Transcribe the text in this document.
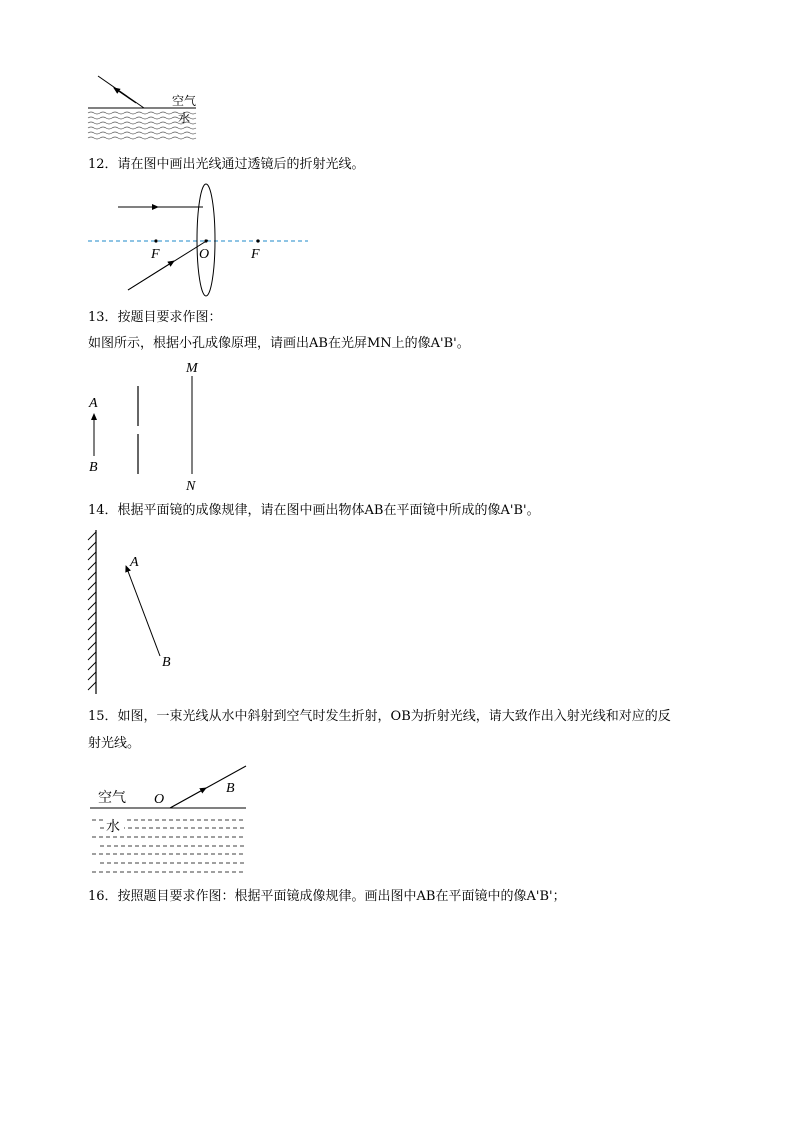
空气
水
12．请在图中画出光线通过透镜后的折射光线。
F	O	F
13．按题目要求作图：
如图所示，根据小孔成像原理，请画出AB在光屏MN上的像A'B'。
A
B
M
N
14．根据平面镜的成像规律，请在图中画出物体AB在平面镜中所成的像A'B'。
A
B
15．如图，一束光线从水中斜射到空气时发生折射，OB为折射光线，请大致作出入射光线和对应的反
射光线。
空气 O
B
水
16．按照题目要求作图：根据平面镜成像规律。画出图中AB在平面镜中的像A'B'；
